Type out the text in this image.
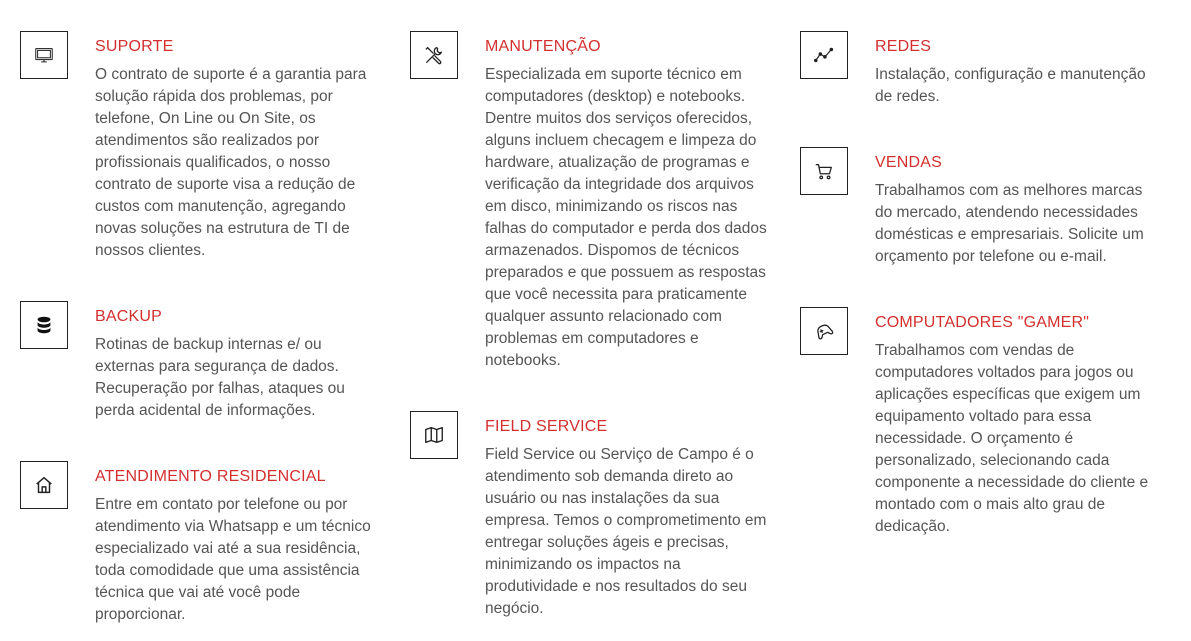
SUPORTE

O contrato de suporte é a garantia para solução rápida dos problemas, por telefone, On Line ou On Site, os atendimentos são realizados por profissionais qualificados, o nosso contrato de suporte visa a redução de custos com manutenção, agregando novas soluções na estrutura de TI de nossos clientes.

BACKUP

Rotinas de backup internas e/ ou externas para segurança de dados. Recuperação por falhas, ataques ou perda acidental de informações.

ATENDIMENTO RESIDENCIAL

Entre em contato por telefone ou por atendimento via Whatsapp e um técnico especializado vai até a sua residência, toda comodidade que uma assistência técnica que vai até você pode proporcionar.

MANUTENÇÃO

Especializada em suporte técnico em computadores (desktop) e notebooks. Dentre muitos dos serviços oferecidos, alguns incluem checagem e limpeza do hardware, atualização de programas e verificação da integridade dos arquivos em disco, minimizando os riscos nas falhas do computador e perda dos dados armazenados. Dispomos de técnicos preparados e que possuem as respostas que você necessita para praticamente qualquer assunto relacionado com problemas em computadores e notebooks.

FIELD SERVICE

Field Service ou Serviço de Campo é o atendimento sob demanda direto ao usuário ou nas instalações da sua empresa. Temos o comprometimento em entregar soluções ágeis e precisas, minimizando os impactos na produtividade e nos resultados do seu negócio.

REDES

Instalação, configuração e manutenção de redes.

VENDAS

Trabalhamos com as melhores marcas do mercado, atendendo necessidades domésticas e empresariais. Solicite um orçamento por telefone ou e-mail.

COMPUTADORES "GAMER"

Trabalhamos com vendas de computadores voltados para jogos ou aplicações específicas que exigem um equipamento voltado para essa necessidade. O orçamento é personalizado, selecionando cada componente a necessidade do cliente e montado com o mais alto grau de dedicação.
